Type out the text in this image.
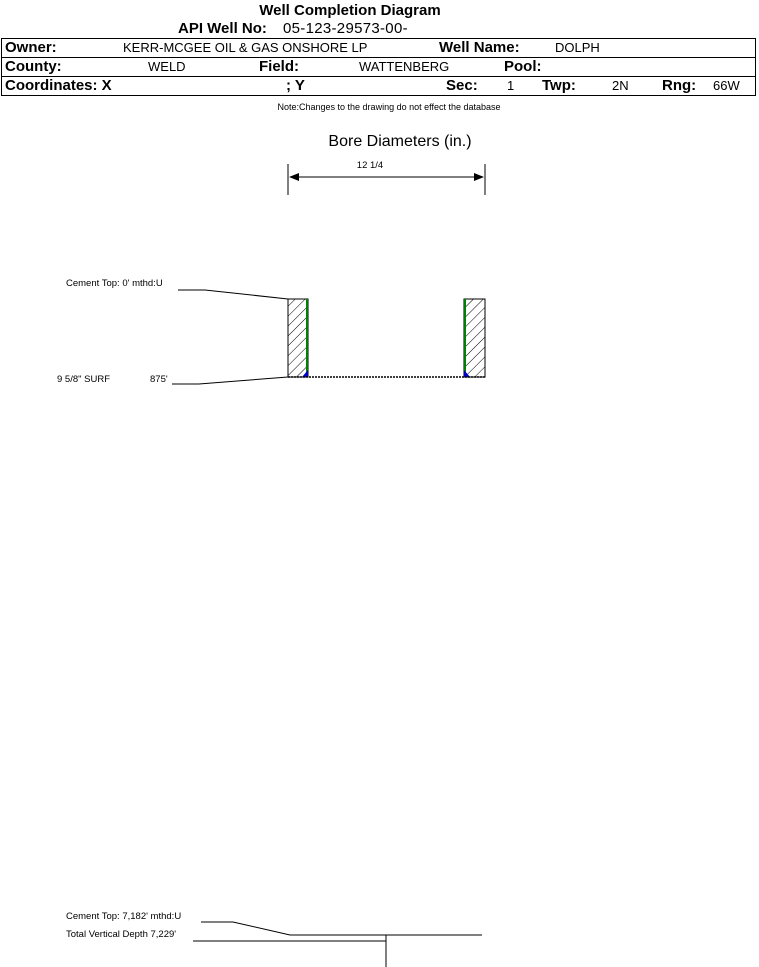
Well Completion Diagram
API Well No: 05-123-29573-00-
Owner:	KERR-MCGEE OIL & GAS ONSHORE LP	Well Name:	DOLPH
County:	WELD	Field:	WATTENBERG	Pool:
Coordinates: X	; Y	Sec: 1 Twp:	2N Rng: 66W
Note:Changes to the drawing do not effect the database
Bore Diameters (in.)
12 1/4
Cement Top: 0' mthd:U
9 5/8" SURF	875'
Cement Top: 7,182' mthd:U
Total Vertical Depth 7,229'
